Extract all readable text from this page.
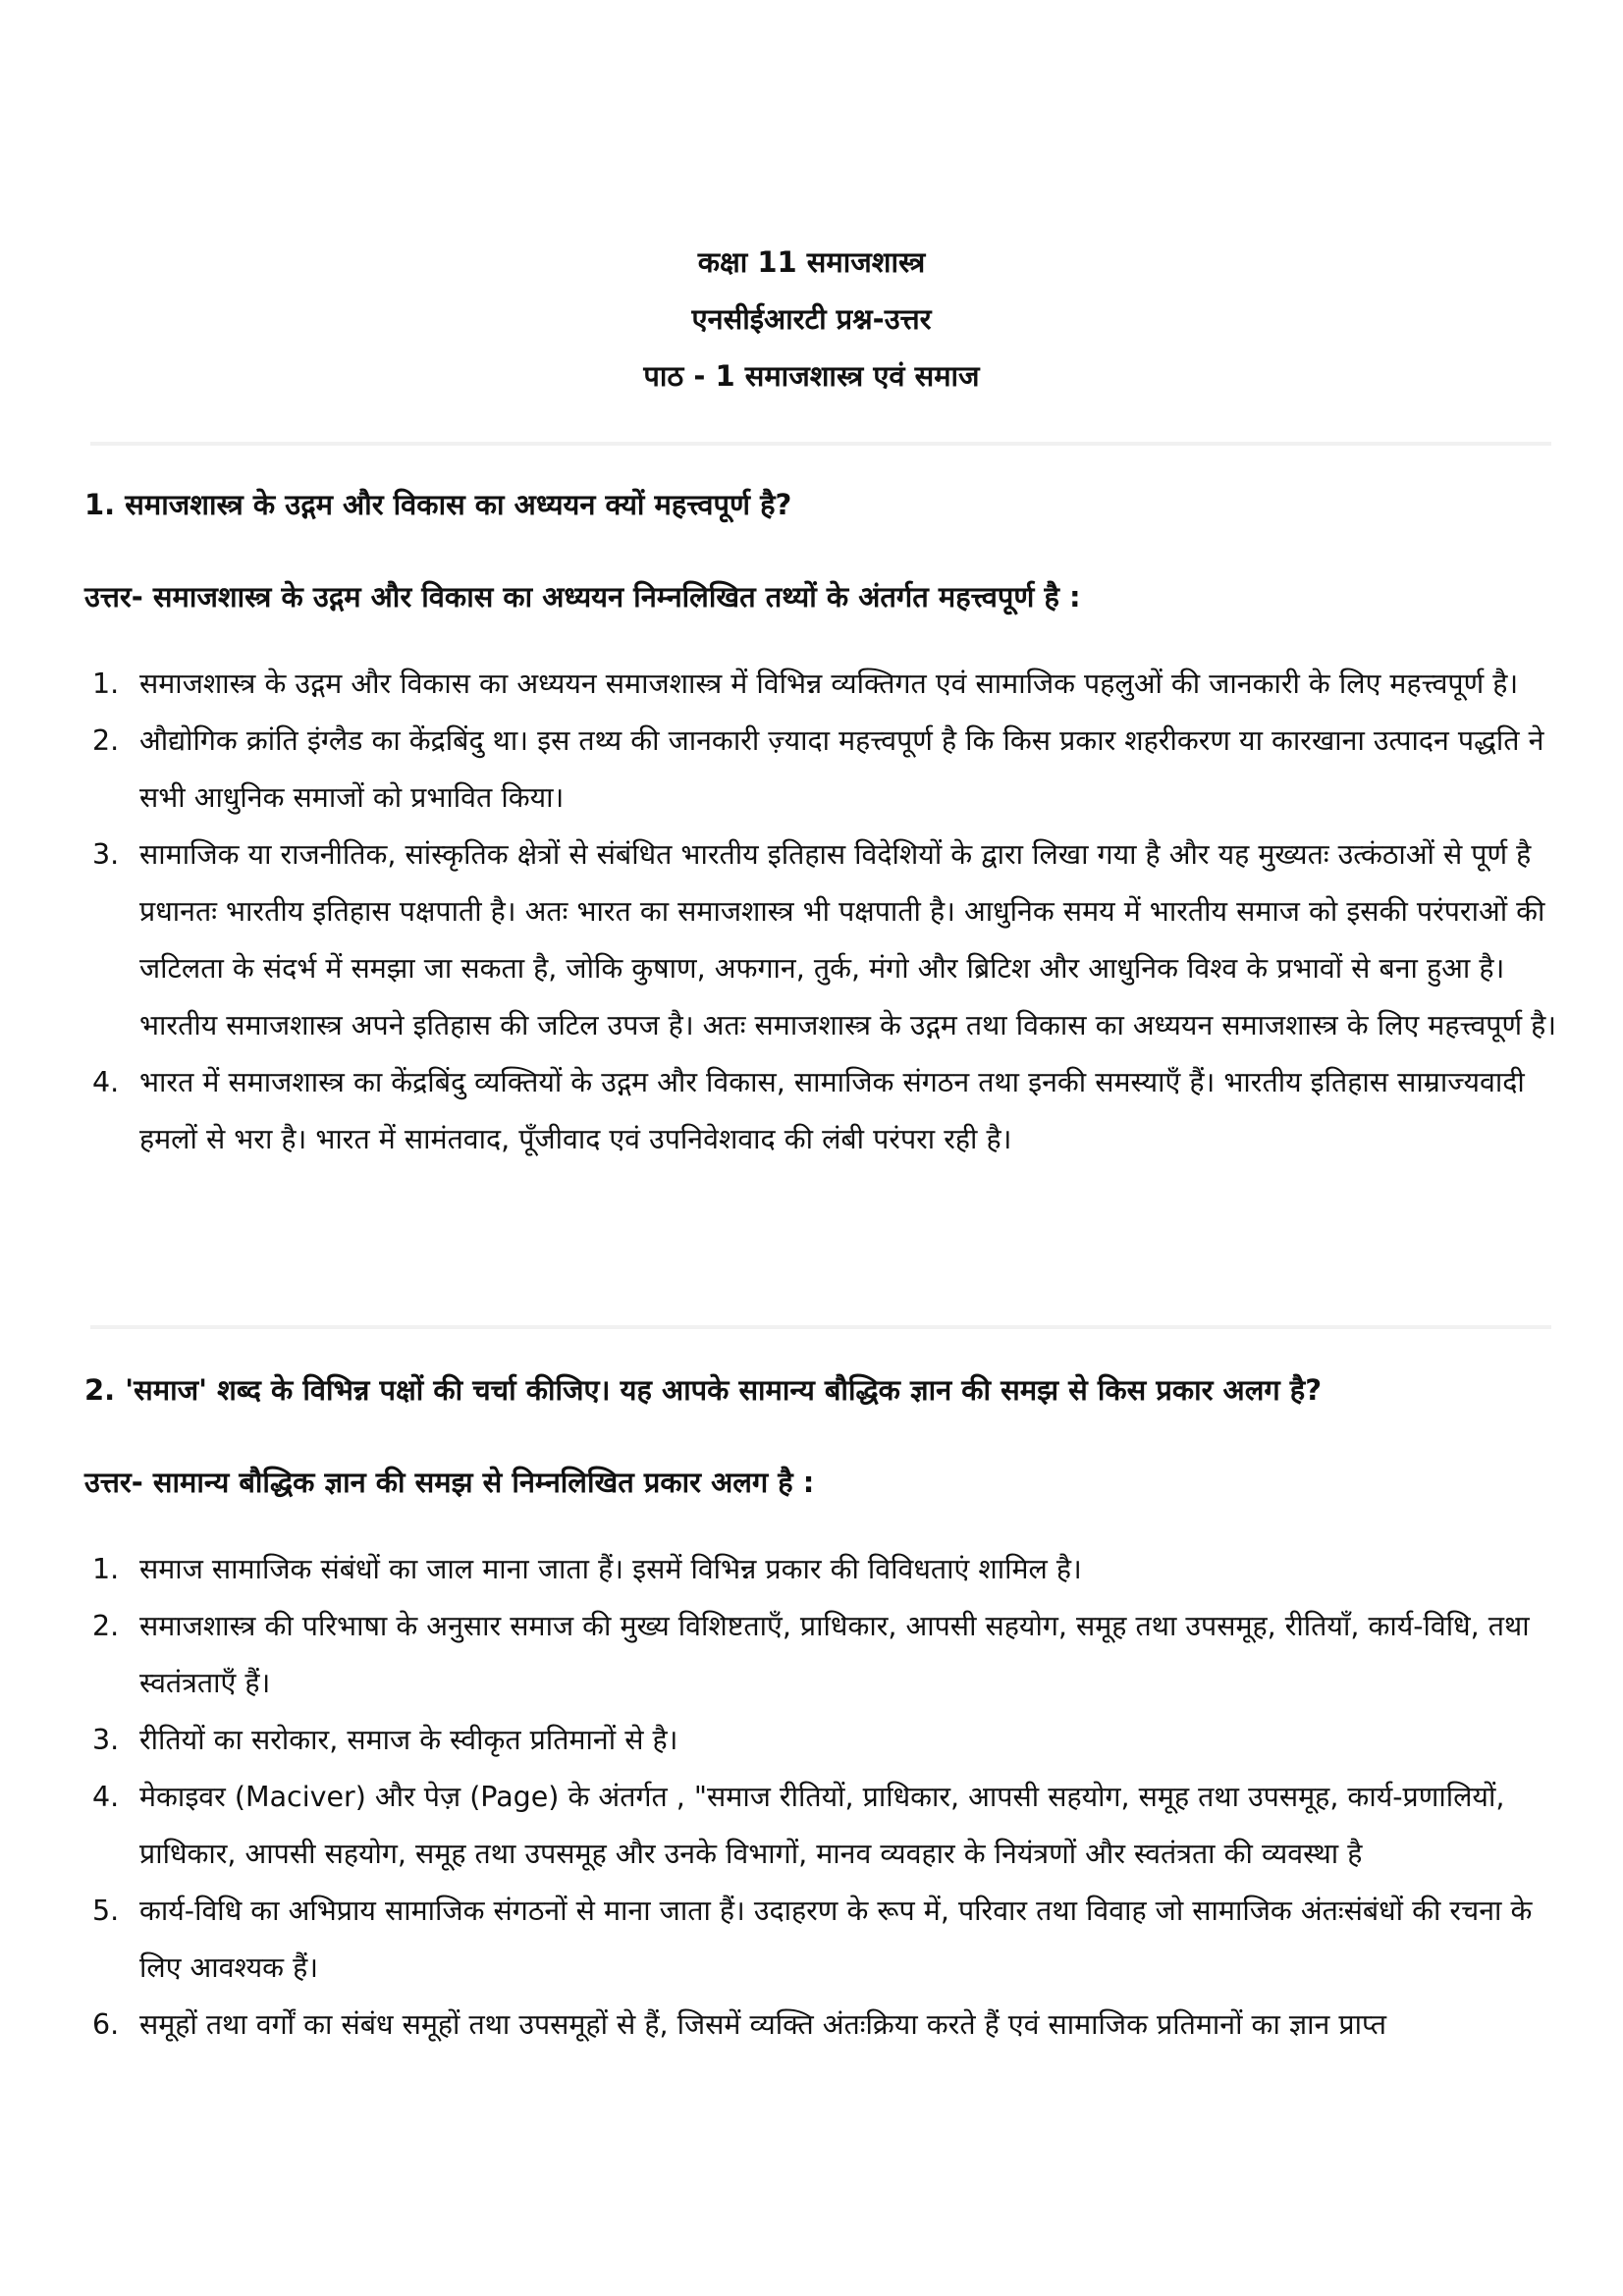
कक्षा 11 समाजशास्त्र

एनसीईआरटी प्रश्न-उत्तर

पाठ - 1 समाजशास्त्र एवं समाज

1. समाजशास्त्र के उद्गम और विकास का अध्ययन क्यों महत्त्वपूर्ण है?

उत्तर- समाजशास्त्र के उद्गम और विकास का अध्ययन निम्नलिखित तथ्यों के अंतर्गत महत्त्वपूर्ण है :

1. समाजशास्त्र के उद्गम और विकास का अध्ययन समाजशास्त्र में विभिन्न व्यक्तिगत एवं सामाजिक पहलुओं की जानकारी के लिए महत्त्वपूर्ण है।
2. औद्योगिक क्रांति इंग्लैड का केंद्रबिंदु था। इस तथ्य की जानकारी ज़्यादा महत्त्वपूर्ण है कि किस प्रकार शहरीकरण या कारखाना उत्पादन पद्धति ने सभी आधुनिक समाजों को प्रभावित किया।
3. सामाजिक या राजनीतिक, सांस्कृतिक क्षेत्रों से संबंधित भारतीय इतिहास विदेशियों के द्वारा लिखा गया है और यह मुख्यतः उत्कंठाओं से पूर्ण है प्रधानतः भारतीय इतिहास पक्षपाती है। अतः भारत का समाजशास्त्र भी पक्षपाती है। आधुनिक समय में भारतीय समाज को इसकी परंपराओं की जटिलता के संदर्भ में समझा जा सकता है, जोकि कुषाण, अफगान, तुर्क, मंगो और ब्रिटिश और आधुनिक विश्व के प्रभावों से बना हुआ है। भारतीय समाजशास्त्र अपने इतिहास की जटिल उपज है। अतः समाजशास्त्र के उद्गम तथा विकास का अध्ययन समाजशास्त्र के लिए महत्त्वपूर्ण है।
4. भारत में समाजशास्त्र का केंद्रबिंदु व्यक्तियों के उद्गम और विकास, सामाजिक संगठन तथा इनकी समस्याएँ हैं। भारतीय इतिहास साम्राज्यवादी हमलों से भरा है। भारत में सामंतवाद, पूँजीवाद एवं उपनिवेशवाद की लंबी परंपरा रही है।

2. 'समाज' शब्द के विभिन्न पक्षों की चर्चा कीजिए। यह आपके सामान्य बौद्धिक ज्ञान की समझ से किस प्रकार अलग है?

उत्तर- सामान्य बौद्धिक ज्ञान की समझ से निम्नलिखित प्रकार अलग है :

1. समाज सामाजिक संबंधों का जाल माना जाता हैं। इसमें विभिन्न प्रकार की विविधताएं शामिल है।
2. समाजशास्त्र की परिभाषा के अनुसार समाज की मुख्य विशिष्टताएँ, प्राधिकार, आपसी सहयोग, समूह तथा उपसमूह, रीतियाँ, कार्य-विधि, तथा स्वतंत्रताएँ हैं।
3. रीतियों का सरोकार, समाज के स्वीकृत प्रतिमानों से है।
4. मेकाइवर (Maciver) और पेज़ (Page) के अंतर्गत , "समाज रीतियों, प्राधिकार, आपसी सहयोग, समूह तथा उपसमूह, कार्य-प्रणालियों, प्राधिकार, आपसी सहयोग, समूह तथा उपसमूह और उनके विभागों, मानव व्यवहार के नियंत्रणों और स्वतंत्रता की व्यवस्था है
5. कार्य-विधि का अभिप्राय सामाजिक संगठनों से माना जाता हैं। उदाहरण के रूप में, परिवार तथा विवाह जो सामाजिक अंतःसंबंधों की रचना के लिए आवश्यक हैं।
6. समूहों तथा वर्गों का संबंध समूहों तथा उपसमूहों से हैं, जिसमें व्यक्ति अंतःक्रिया करते हैं एवं सामाजिक प्रतिमानों का ज्ञान प्राप्त
